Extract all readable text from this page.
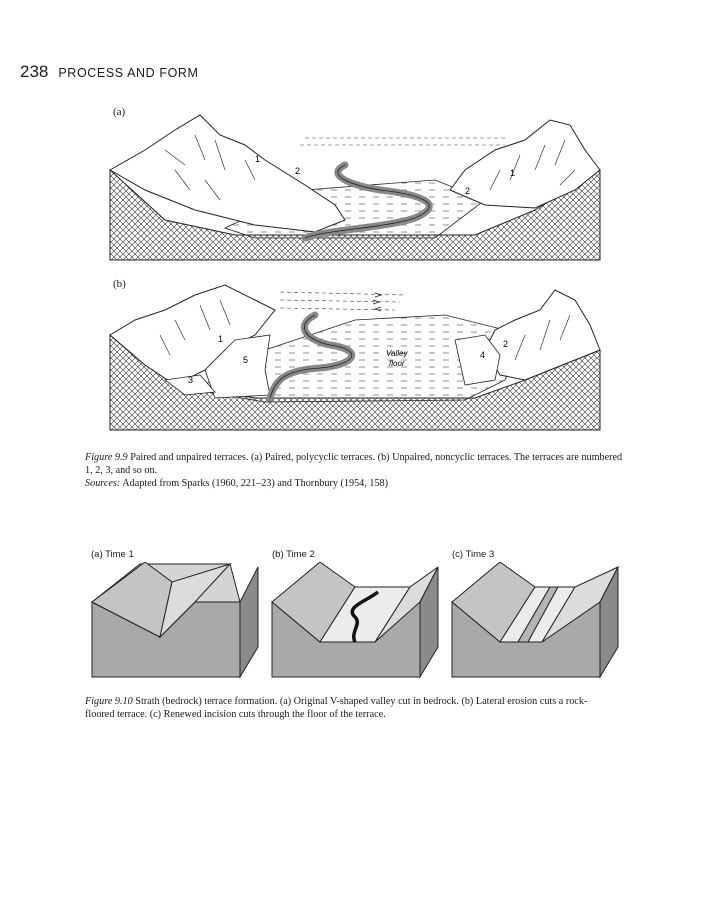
238 PROCESS AND FORM
(a)
1
2
2
1
(b)
1
5
3
4
2
Valley
floor
Figure 9.9 Paired and unpaired terraces. (a) Paired, polycyclic terraces. (b) Unpaired, noncyclic terraces. The terraces are numbered 1, 2, 3, and so on.
Sources: Adapted from Sparks (1960, 221–23) and Thornbury (1954, 158)
(a) Time 1	(b) Time 2	(c) Time 3
Figure 9.10 Strath (bedrock) terrace formation. (a) Original V-shaped valley cut in bedrock. (b) Lateral erosion cuts a rock-floored terrace. (c) Renewed incision cuts through the floor of the terrace.
